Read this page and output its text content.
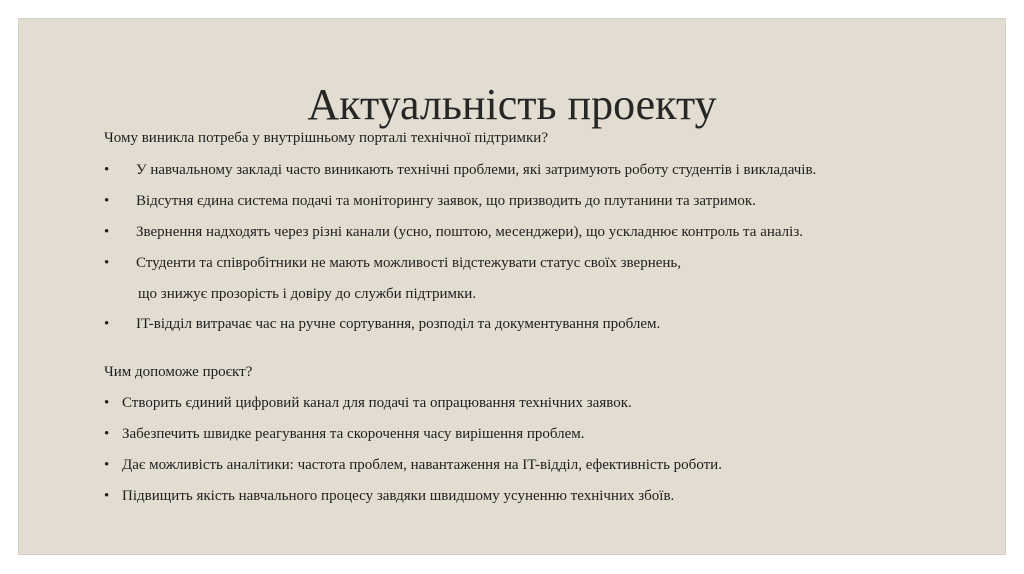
Актуальність проекту
Чому виникла потреба у внутрішньому порталі технічної підтримки?
• У навчальному закладі часто виникають технічні проблеми, які затримують роботу студентів і викладачів.
• Відсутня єдина система подачі та моніторингу заявок, що призводить до плутанини та затримок.
• Звернення надходять через різні канали (усно, поштою, месенджери), що ускладнює контроль та аналіз.
• Студенти та співробітники не мають можливості відстежувати статус своїх звернень,
що знижує прозорість і довіру до служби підтримки.
• IT-відділ витрачає час на ручне сортування, розподіл та документування проблем.
Чим допоможе проєкт?
• Створить єдиний цифровий канал для подачі та опрацювання технічних заявок.
• Забезпечить швидке реагування та скорочення часу вирішення проблем.
• Дає можливість аналітики: частота проблем, навантаження на IT-відділ, ефективність роботи.
• Підвищить якість навчального процесу завдяки швидшому усуненню технічних збоїв.
